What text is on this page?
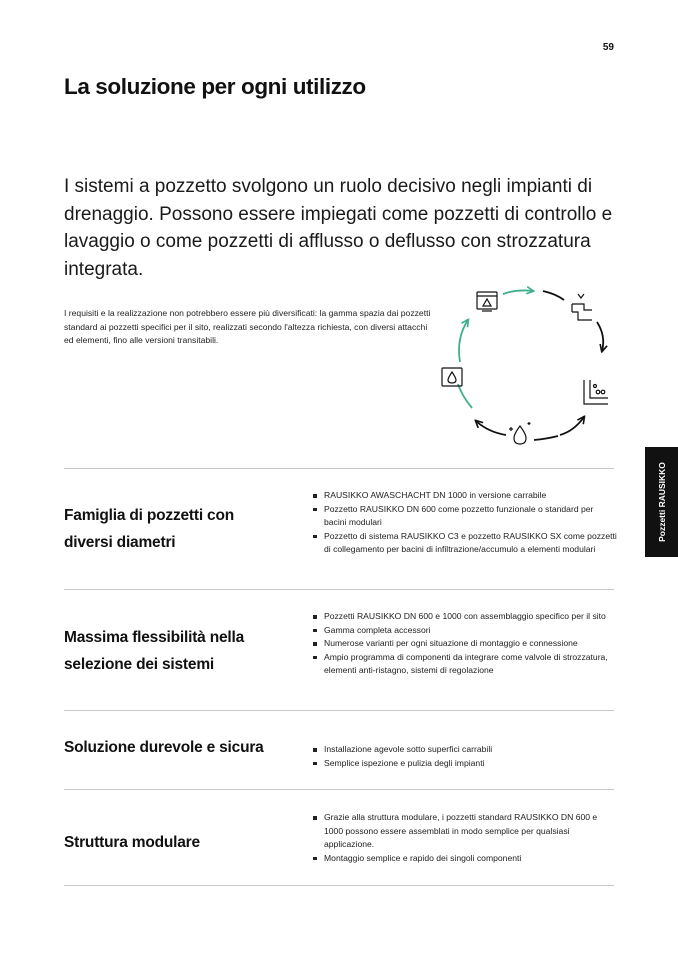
59
Pozzetti RAUSIKKO
La soluzione per ogni utilizzo

I sistemi a pozzetto svolgono un ruolo decisivo negli impianti di drenaggio. Possono essere impiegati come pozzetti di controllo e lavaggio o come pozzetti di afflusso o deflusso con strozzatura integrata.

I requisiti e la realizzazione non potrebbero essere più diversificati: la gamma spazia dai pozzetti standard ai pozzetti specifici per il sito, realizzati secondo l'altezza richiesta, con diversi attacchi ed elementi, fino alle versioni transitabili.

Famiglia di pozzetti con
diversi diametri
RAUSIKKO AWASCHACHT DN 1000 in versione carrabile
Pozzetto RAUSIKKO DN 600 come pozzetto funzionale o standard per bacini modulari
Pozzetto di sistema RAUSIKKO C3 e pozzetto RAUSIKKO SX come pozzetti di collegamento per bacini di infiltrazione/accumulo a elementi modulari
Massima flessibilità nella
selezione dei sistemi
Pozzetti RAUSIKKO DN 600 e 1000 con assemblaggio specifico per il sito
Gamma completa accessori
Numerose varianti per ogni situazione di montaggio e connessione
Ampio programma di componenti da integrare come valvole di strozzatura, elementi anti-ristagno, sistemi di regolazione
Soluzione durevole e sicura	Installazione agevole sotto superfici carrabili
Semplice ispezione e pulizia degli impianti
Struttura modulare
Grazie alla struttura modulare, i pozzetti standard RAUSIKKO DN 600 e 1000 possono essere assemblati in modo semplice per qualsiasi applicazione.
Montaggio semplice e rapido dei singoli componenti
